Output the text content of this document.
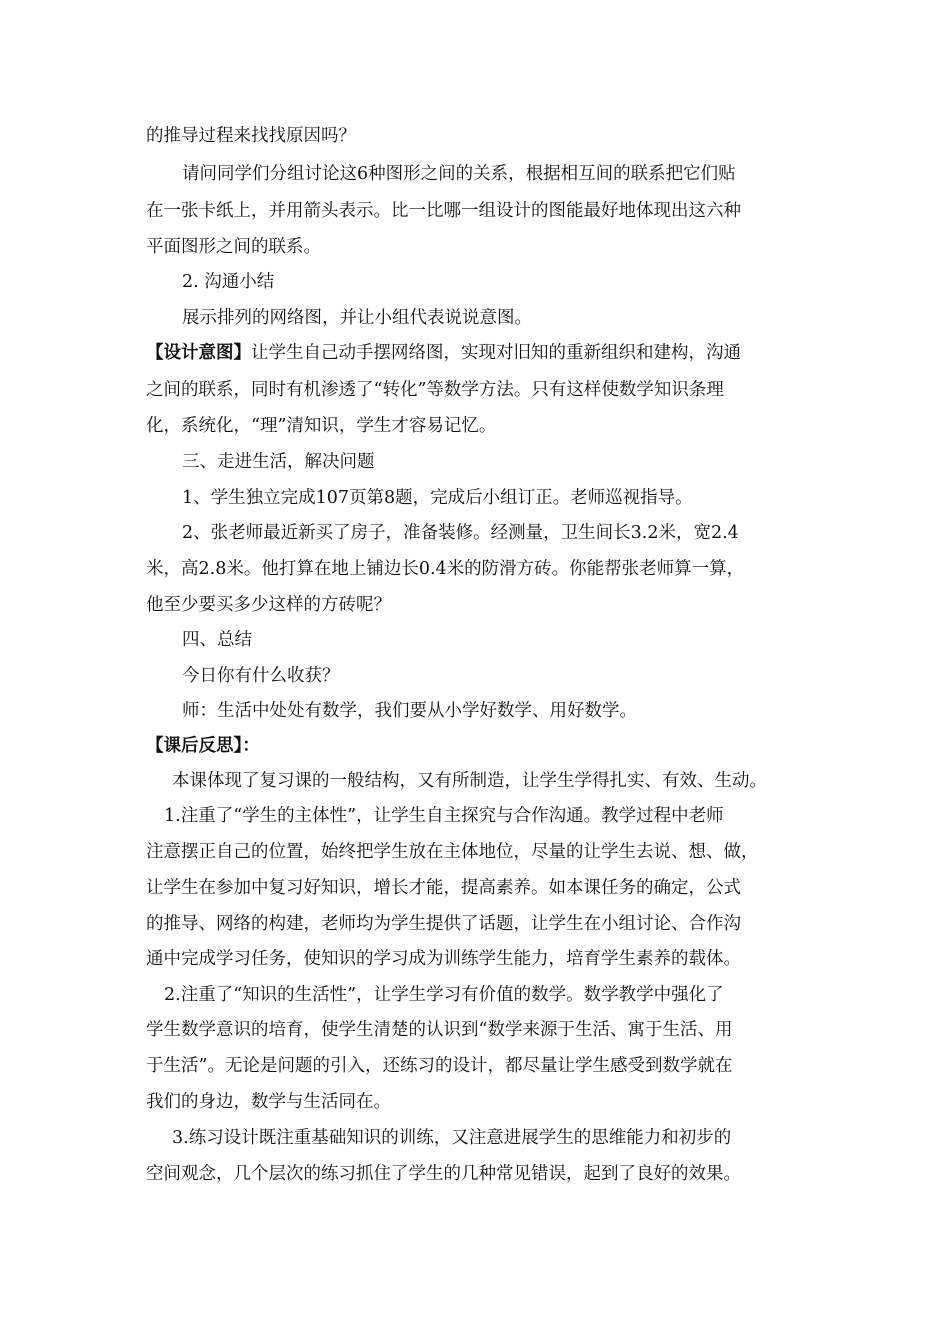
的推导过程来找找原因吗？
请问同学们分组讨论这6种图形之间的关系，根据相互间的联系把它们贴
在一张卡纸上，并用箭头表示。比一比哪一组设计的图能最好地体现出这六种
平面图形之间的联系。
2. 沟通小结
展示排列的网络图，并让小组代表说说意图。
【设计意图】让学生自己动手摆网络图，实现对旧知的重新组织和建构，沟通
之间的联系，同时有机渗透了“转化”等数学方法。只有这样使数学知识条理
化，系统化，“理”清知识，学生才容易记忆。
三、走进生活，解决问题
1、学生独立完成107页第8题，完成后小组订正。老师巡视指导。
2、张老师最近新买了房子，准备装修。经测量，卫生间长3.2米，宽2.4
米，高2.8米。他打算在地上铺边长0.4米的防滑方砖。你能帮张老师算一算，
他至少要买多少这样的方砖呢？
四、总结
今日你有什么收获？
师：生活中处处有数学，我们要从小学好数学、用好数学。
【课后反思】：
本课体现了复习课的一般结构，又有所制造，让学生学得扎实、有效、生动。
1.注重了“学生的主体性”，让学生自主探究与合作沟通。教学过程中老师
注意摆正自己的位置，始终把学生放在主体地位，尽量的让学生去说、想、做，
让学生在参加中复习好知识，增长才能，提高素养。如本课任务的确定，公式
的推导、网络的构建，老师均为学生提供了话题，让学生在小组讨论、合作沟
通中完成学习任务，使知识的学习成为训练学生能力，培育学生素养的载体。
2.注重了“知识的生活性”，让学生学习有价值的数学。数学教学中强化了
学生数学意识的培育，使学生清楚的认识到“数学来源于生活、寓于生活、用
于生活”。无论是问题的引入，还练习的设计，都尽量让学生感受到数学就在
我们的身边，数学与生活同在。
3.练习设计既注重基础知识的训练，又注意进展学生的思维能力和初步的
空间观念，几个层次的练习抓住了学生的几种常见错误，起到了良好的效果。
